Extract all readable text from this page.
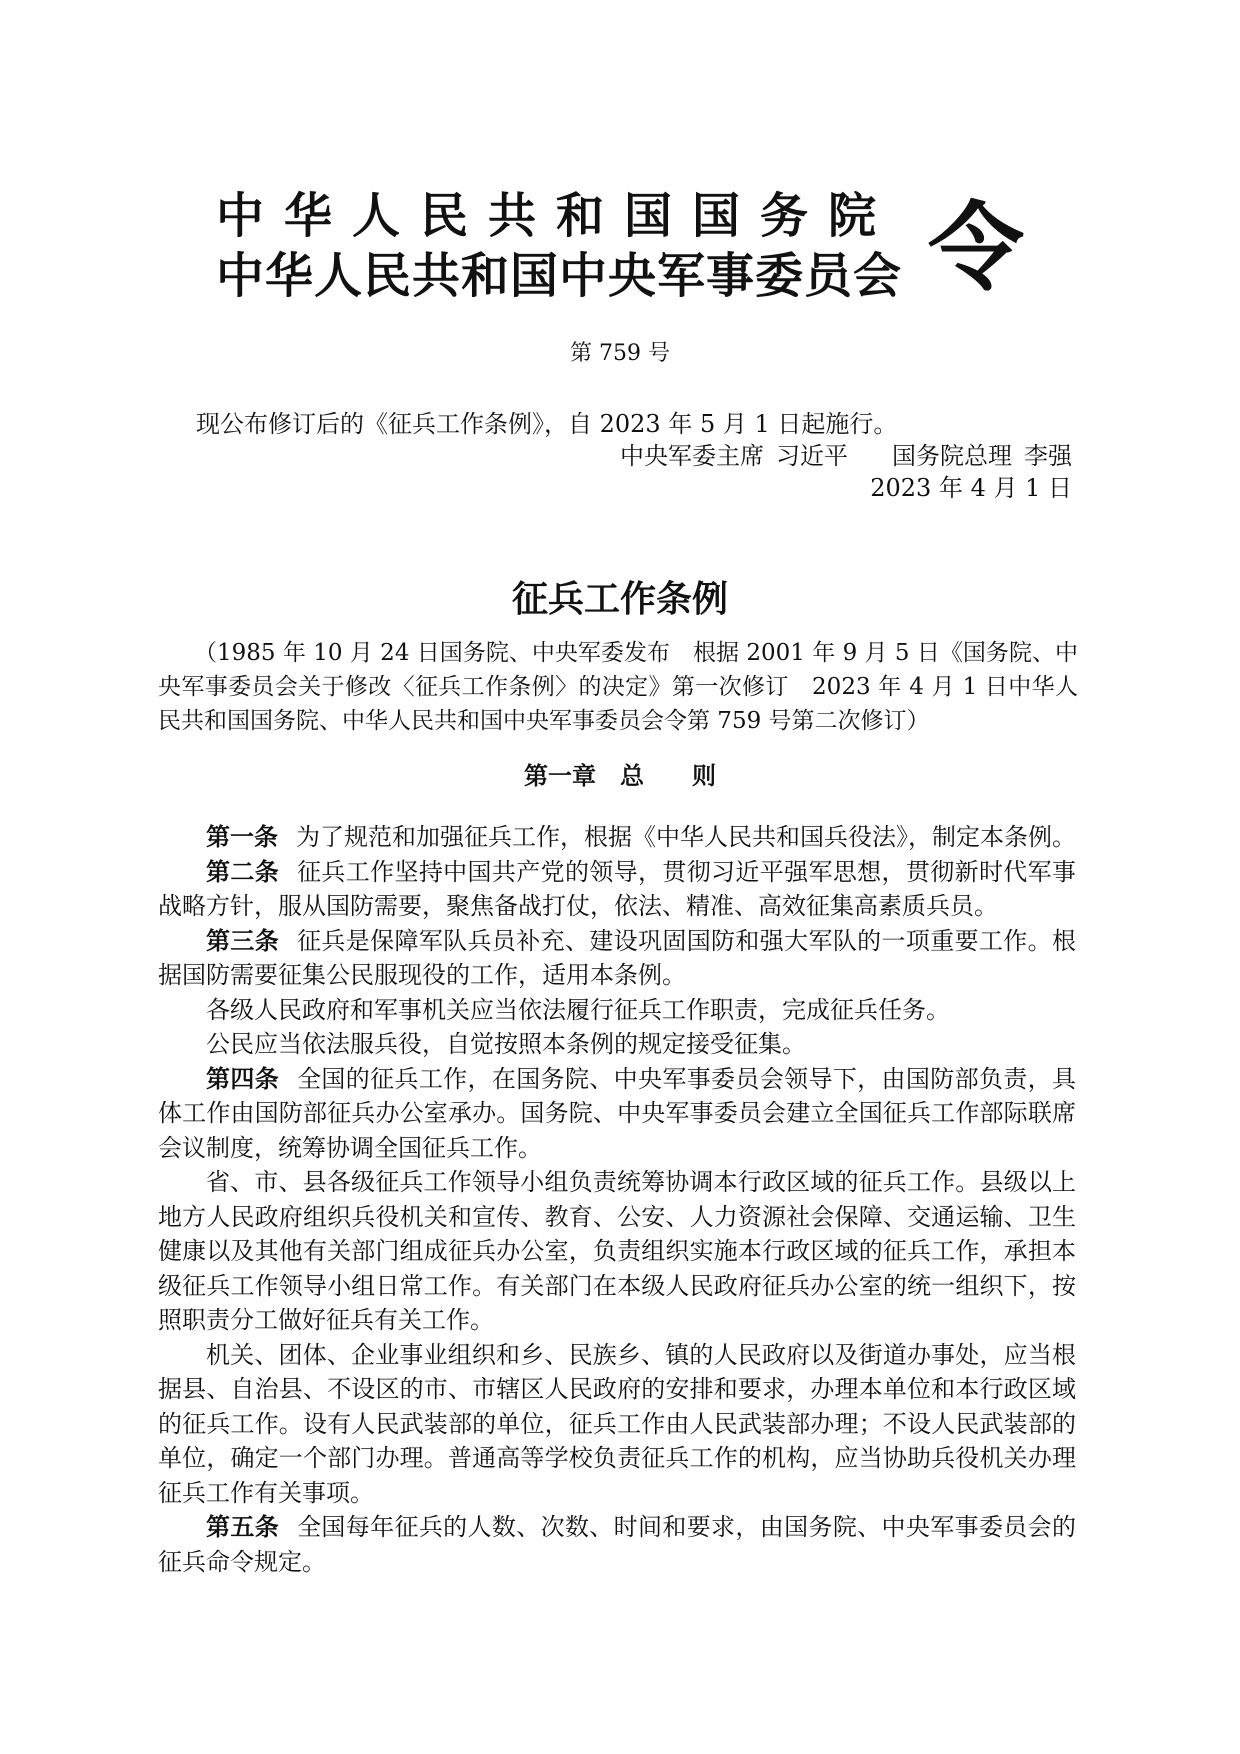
中华人民共和国国务院
中华人民共和国中央军事委员会 令
第 759 号
现公布修订后的《征兵工作条例》，自 2023 年 5 月 1 日起施行。
中央军委主席 习近平 国务院总理 李强
2023 年 4 月 1 日
征兵工作条例
（1985 年 10 月 24 日国务院、中央军委发布　根据 2001 年 9 月 5 日《国务院、中央军事委员会关于修改〈征兵工作条例〉的决定》第一次修订　2023 年 4 月 1 日中华人民共和国国务院、中华人民共和国中央军事委员会令第 759 号第二次修订）
第一章　总　　则

第一条 为了规范和加强征兵工作，根据《中华人民共和国兵役法》，制定本条例。

第二条 征兵工作坚持中国共产党的领导，贯彻习近平强军思想，贯彻新时代军事战略方针，服从国防需要，聚焦备战打仗，依法、精准、高效征集高素质兵员。

第三条 征兵是保障军队兵员补充、建设巩固国防和强大军队的一项重要工作。根据国防需要征集公民服现役的工作，适用本条例。

各级人民政府和军事机关应当依法履行征兵工作职责，完成征兵任务。

公民应当依法服兵役，自觉按照本条例的规定接受征集。

第四条 全国的征兵工作，在国务院、中央军事委员会领导下，由国防部负责，具体工作由国防部征兵办公室承办。国务院、中央军事委员会建立全国征兵工作部际联席会议制度，统筹协调全国征兵工作。

省、市、县各级征兵工作领导小组负责统筹协调本行政区域的征兵工作。县级以上地方人民政府组织兵役机关和宣传、教育、公安、人力资源社会保障、交通运输、卫生健康以及其他有关部门组成征兵办公室，负责组织实施本行政区域的征兵工作，承担本级征兵工作领导小组日常工作。有关部门在本级人民政府征兵办公室的统一组织下，按照职责分工做好征兵有关工作。

机关、团体、企业事业组织和乡、民族乡、镇的人民政府以及街道办事处，应当根据县、自治县、不设区的市、市辖区人民政府的安排和要求，办理本单位和本行政区域的征兵工作。设有人民武装部的单位，征兵工作由人民武装部办理；不设人民武装部的单位，确定一个部门办理。普通高等学校负责征兵工作的机构，应当协助兵役机关办理征兵工作有关事项。

第五条 全国每年征兵的人数、次数、时间和要求，由国务院、中央军事委员会的征兵命令规定。
